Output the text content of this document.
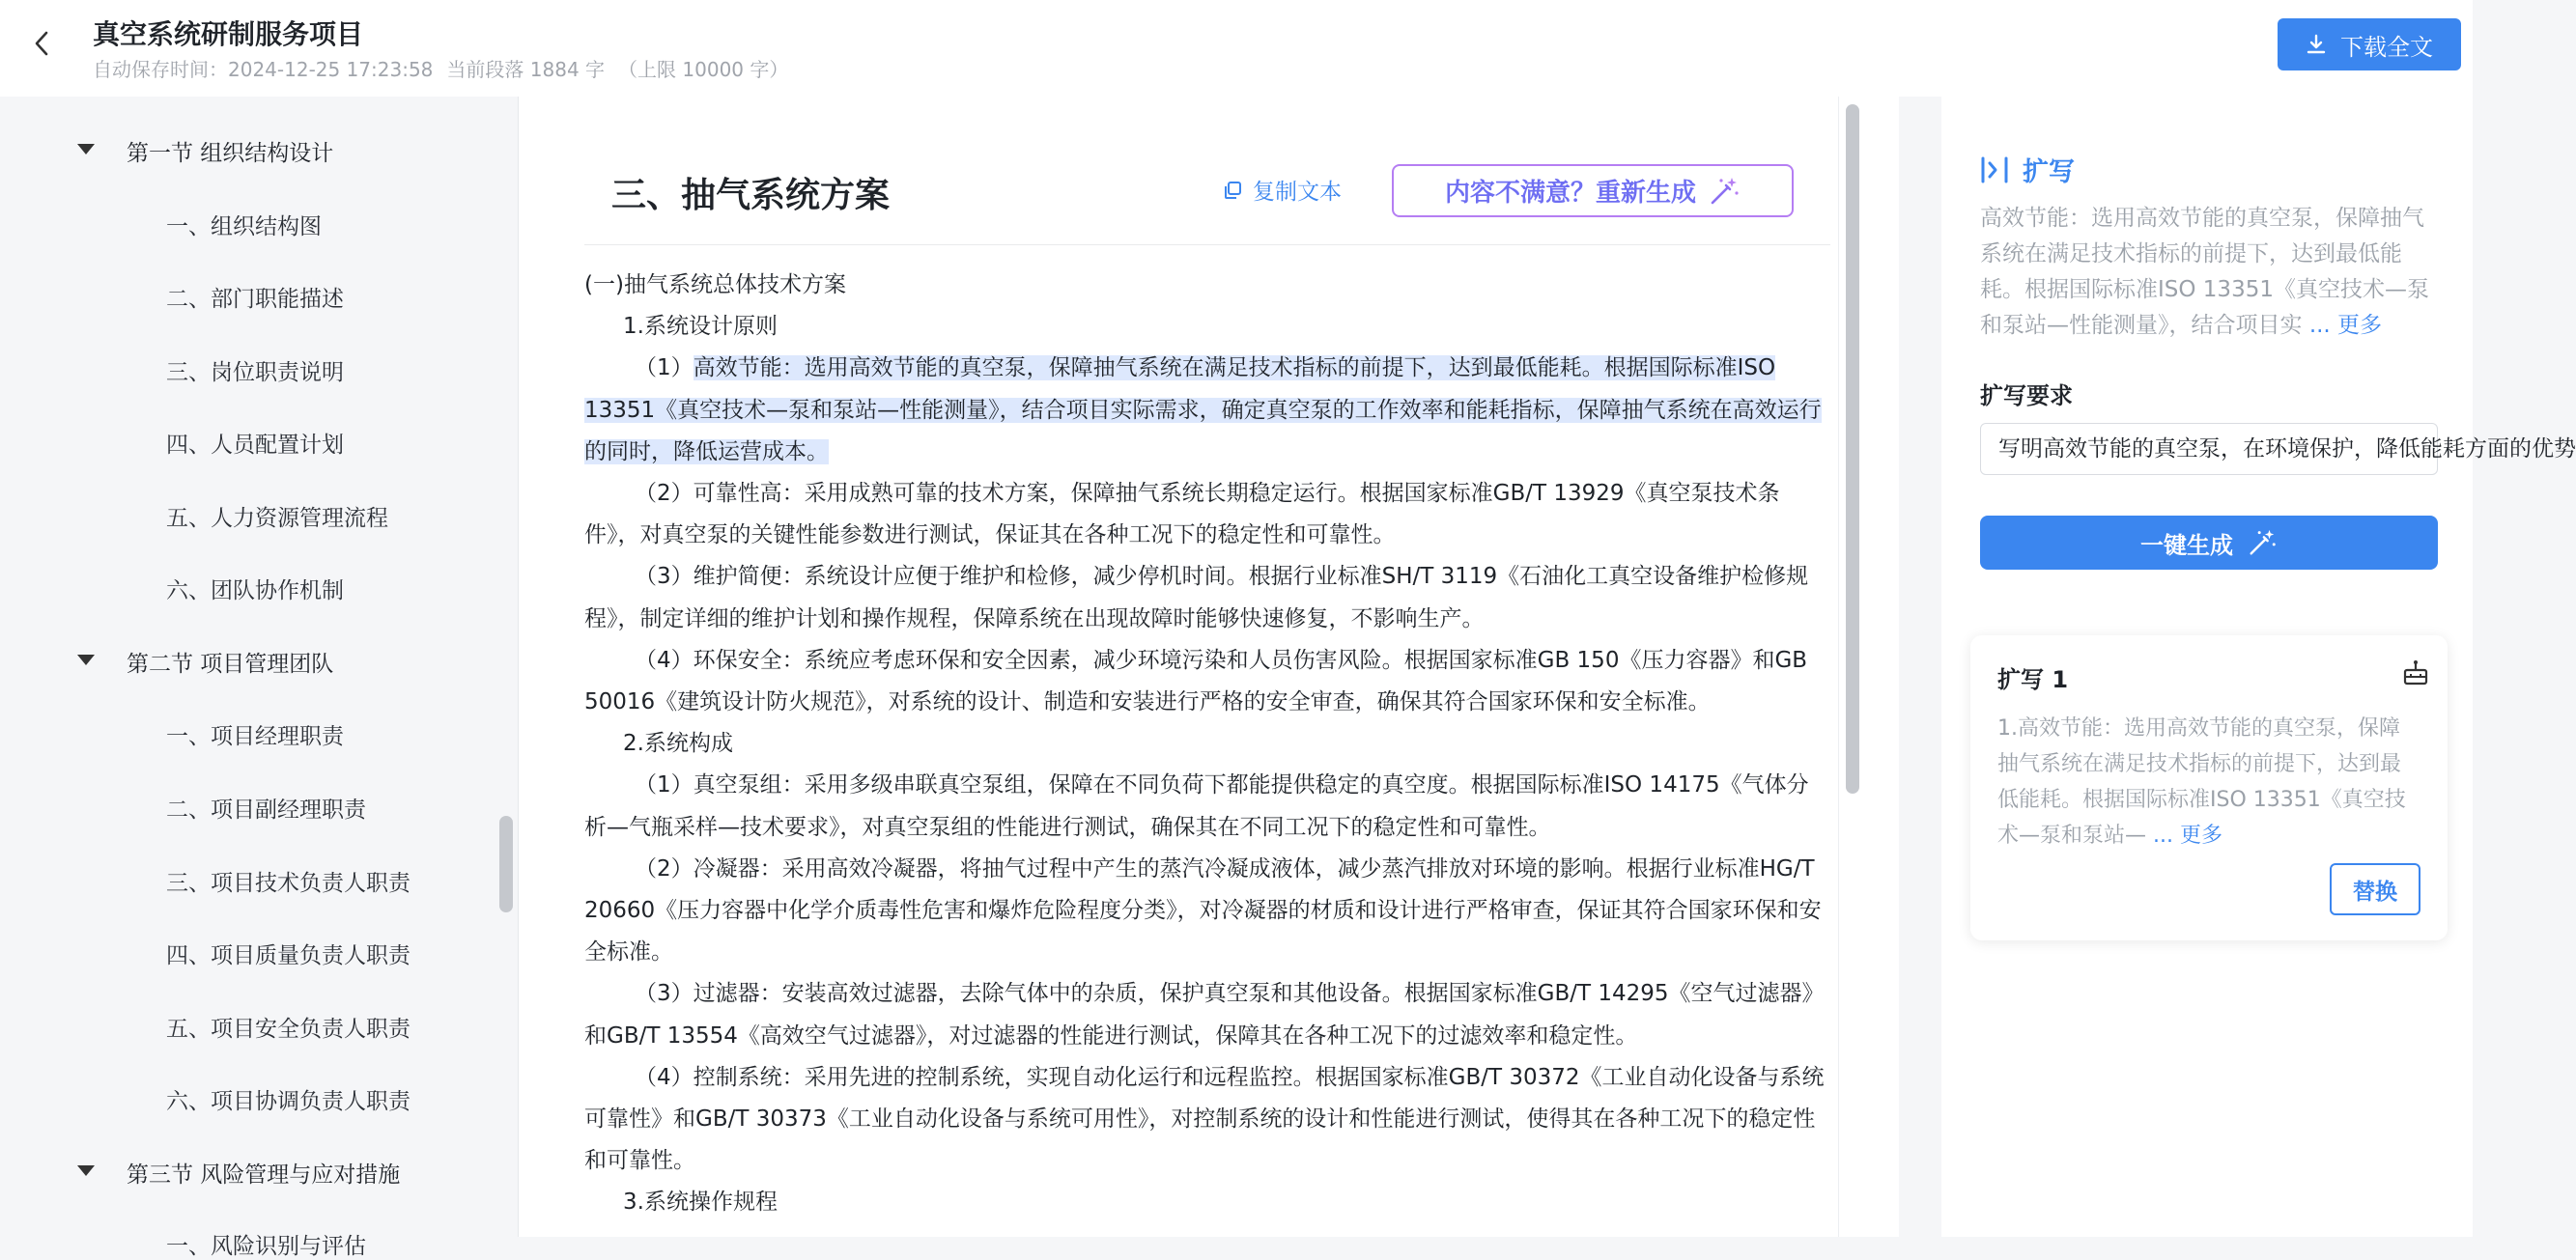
真空系统研制服务项目
自动保存时间：2024-12-25 17:23:58 当前段落 1884 字 （上限 10000 字）
下载全文
第一节 组织结构设计
一、组织结构图
二、部门职能描述
三、岗位职责说明
四、人员配置计划
五、人力资源管理流程
六、团队协作机制
第二节 项目管理团队
一、项目经理职责
二、项目副经理职责
三、项目技术负责人职责
四、项目质量负责人职责
五、项目安全负责人职责
六、项目协调负责人职责
第三节 风险管理与应对措施
一、风险识别与评估
三、抽气系统方案	复制文本	内容不满意？重新生成

(一)抽气系统总体技术方案

1.系统设计原则

（1）高效节能：选用高效节能的真空泵，保障抽气系统在满足技术指标的前提下，达到最低能耗。根据国际标准ISO 13351《真空技术—泵和泵站—性能测量》，结合项目实际需求，确定真空泵的工作效率和能耗指标，保障抽气系统在高效运行的同时，降低运营成本。

（2）可靠性高：采用成熟可靠的技术方案，保障抽气系统长期稳定运行。根据国家标准GB/T 13929《真空泵技术条件》，对真空泵的关键性能参数进行测试，保证其在各种工况下的稳定性和可靠性。

（3）维护简便：系统设计应便于维护和检修，减少停机时间。根据行业标准SH/T 3119《石油化工真空设备维护检修规程》，制定详细的维护计划和操作规程，保障系统在出现故障时能够快速修复，不影响生产。

（4）环保安全：系统应考虑环保和安全因素，减少环境污染和人员伤害风险。根据国家标准GB 150《压力容器》和GB 50016《建筑设计防火规范》，对系统的设计、制造和安装进行严格的安全审查，确保其符合国家环保和安全标准。

2.系统构成

（1）真空泵组：采用多级串联真空泵组，保障在不同负荷下都能提供稳定的真空度。根据国际标准ISO 14175《气体分析—气瓶采样—技术要求》，对真空泵组的性能进行测试，确保其在不同工况下的稳定性和可靠性。

（2）冷凝器：采用高效冷凝器，将抽气过程中产生的蒸汽冷凝成液体，减少蒸汽排放对环境的影响。根据行业标准HG/T 20660《压力容器中化学介质毒性危害和爆炸危险程度分类》，对冷凝器的材质和设计进行严格审查，保证其符合国家环保和安全标准。

（3）过滤器：安装高效过滤器，去除气体中的杂质，保护真空泵和其他设备。根据国家标准GB/T 14295《空气过滤器》和GB/T 13554《高效空气过滤器》，对过滤器的性能进行测试，保障其在各种工况下的过滤效率和稳定性。

（4）控制系统：采用先进的控制系统，实现自动化运行和远程监控。根据国家标准GB/T 30372《工业自动化设备与系统可靠性》和GB/T 30373《工业自动化设备与系统可用性》，对控制系统的设计和性能进行测试，使得其在各种工况下的稳定性和可靠性。

3.系统操作规程

扩写
高效节能：选用高效节能的真空泵，保障抽气系统在满足技术指标的前提下，达到最低能耗。根据国际标准ISO 13351《真空技术—泵和泵站—性能测量》，结合项目实 ... 更多
扩写要求
写明高效节能的真空泵，在环境保护，降低能耗方面的优势
一键生成
扩写 1
1.高效节能：选用高效节能的真空泵，保障抽气系统在满足技术指标的前提下，达到最低能耗。根据国际标准ISO 13351《真空技术—泵和泵站— ... 更多
替换
